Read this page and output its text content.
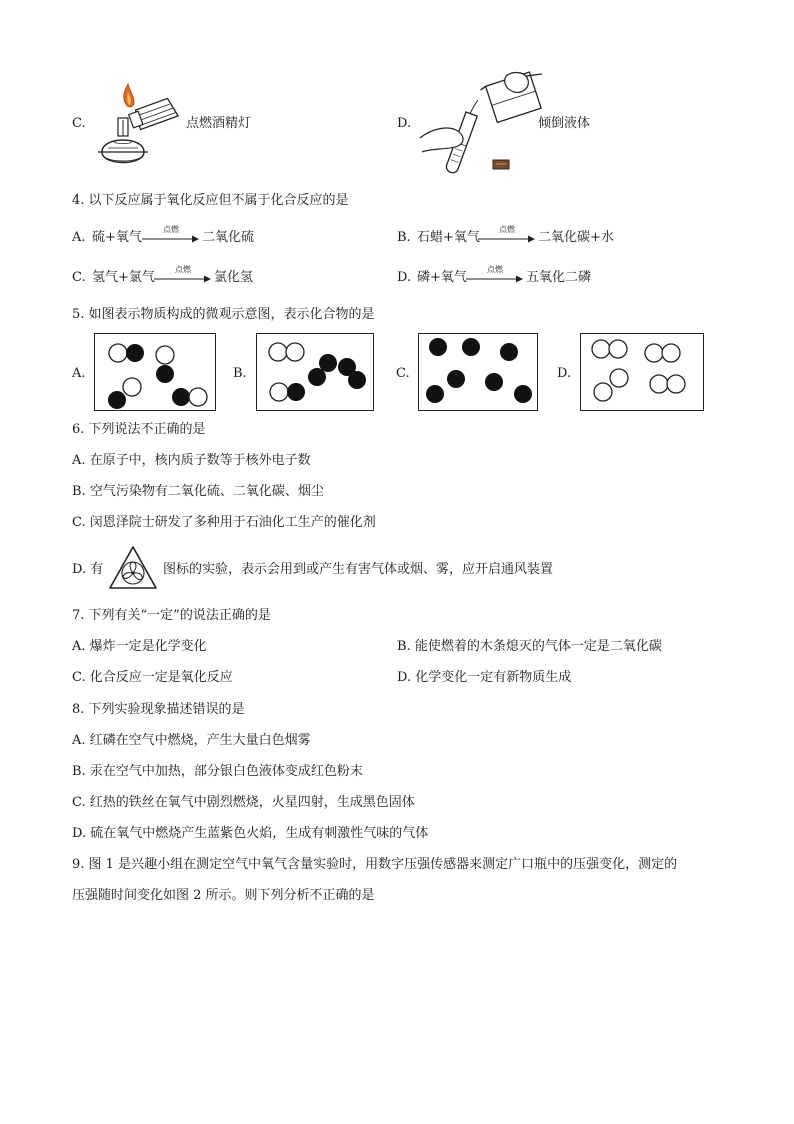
C.	点燃酒精灯	D.	倾倒液体
4. 以下反应属于氧化反应但不属于化合反应的是
A. 硫+氧气
点燃
二氧化硫	B. 石蜡+氧气
点燃
二氧化碳+水
C. 氢气+氯气
点燃
氯化氢	D. 磷+氧气
点燃
五氧化二磷
5. 如图表示物质构成的微观示意图，表示化合物的是
A.	B.	C.	D.
6. 下列说法不正确的是
A. 在原子中，核内质子数等于核外电子数
B. 空气污染物有二氧化硫、二氧化碳、烟尘
C. 闵恩泽院士研发了多种用于石油化工生产的催化剂
D. 有	图标的实验，表示会用到或产生有害气体或烟、雾，应开启通风装置
7. 下列有关“一定”的说法正确的是
A. 爆炸一定是化学变化	B. 能使燃着的木条熄灭的气体一定是二氧化碳
C. 化合反应一定是氧化反应	D. 化学变化一定有新物质生成
8. 下列实验现象描述错误的是
A. 红磷在空气中燃烧，产生大量白色烟雾
B. 汞在空气中加热，部分银白色液体变成红色粉末
C. 红热的铁丝在氧气中剧烈燃烧，火星四射，生成黑色固体
D. 硫在氧气中燃烧产生蓝紫色火焰，生成有刺激性气味的气体
9. 图 1 是兴趣小组在测定空气中氧气含量实验时，用数字压强传感器来测定广口瓶中的压强变化，测定的
压强随时间变化如图 2 所示。则下列分析不正确的是
